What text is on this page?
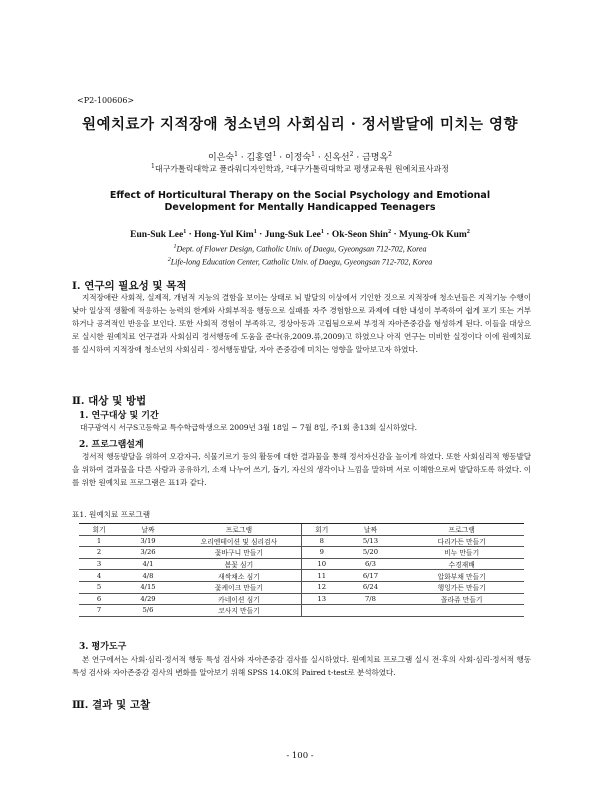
<P2-100606>
원예치료가 지적장애 청소년의 사회심리 · 정서발달에 미치는 영향
이은숙$^1$ · 김홍열$^1$ · 이정숙$^1$ · 신옥선$^2$ · 금명옥$^2$
$^1$대구가톨릭대학교 플라워디자인학과, ²대구가톨릭대학교 평생교육원 원예치료사과정
Effect of Horticultural Therapy on the Social Psychology and Emotional
Development for Mentally Handicapped Teenagers
Eun-Suk Lee$^1$ · Hong-Yul Kim$^1$ · Jung-Suk Lee$^1$ · Ok-Seon Shin$^2$ · Myung-Ok Kum$^2$
$^1$Dept. of Flower Design, Catholic Univ. of Daegu, Gyeongsan 712-702, Korea
$^2$Life-long Education Center, Catholic Univ. of Daegu, Gyeongsan 712-702, Korea
Ⅰ. 연구의 필요성 및 목적
지적장애란 사회적, 실제적, 개념적 지능의 결함을 보이는 상태로 뇌 발달의 이상에서 기인한 것으로 지적장애 청소년들은 지적기능 수행이 낮아 일상적 생활에 적응하는 능력의 한계와 사회부적응 행동으로 실패를 자주 경험함으로 과제에 대한 내성이 부족하여 쉽게 포기 또는 거부하거나 공격적인 반응을 보인다. 또한 사회적 경험이 부족하고, 정상아동과 고립됨으로써 부정적 자아존중감을 형성하게 된다. 이들을 대상으로 실시한 원예치료 연구결과 사회심리 정서행동에 도움을 준다(유,2009.류,2009)고 하였으나 아직 연구는 미비한 실정이다 이에 원예치료를 실시하여 지적장애 청소년의 사회심리 · 정서행동발달, 자아 존중감에 미치는 영향을 알아보고자 하였다.
Ⅱ. 대상 및 방법
1. 연구대상 및 기간
대구광역시 서구S고등학교 특수학급학생으로 2009년 3월 18일 ~ 7월 8일, 주1회 총13회 실시하였다.
2. 프로그램설계
정서적 행동발달을 위하여 오감자극, 식물기르기 등의 활동에 대한 결과물을 통해 정서자신감을 높이게 하였다. 또한 사회심리적 행동발달을 위하여 결과물을 다른 사람과 공유하기, 소재 나누어 쓰기, 돕기, 자신의 생각이나 느낌을 말하며 서로 이해함으로써 발달하도록 하였다. 이를 위한 원예치료 프로그램은 표1과 같다.
표1. 원예치료 프로그램
회기	날짜	프로그램	회기	날짜	프로그램
1	3/19	오리엔테이션 및 심리검사	8	5/13	다리가든 만들기
2	3/26	꽃바구니 만들기	9	5/20	비누 만들기
3	4/1	봄꽃 심기	10	6/3	수경재배
4	4/8	새싹채소 심기	11	6/17	압화부채 만들기
5	4/15	꽃케이크 만들기	12	6/24	행잉가든 만들기
6	4/29	카네이션 심기	13	7/8	꼴라쥬 만들기
7	5/6	코사지 만들기			
3. 평가도구
본 연구에서는 사회·심리·정서적 행동 특성 검사와 자아존중감 검사를 실시하였다. 원예치료 프로그램 실시 전·후의 사회·심리·정서적 행동특성 검사와 자아존중감 검사의 변화를 알아보기 위해 SPSS 14.0K의 Paired t-test로 분석하였다.
Ⅲ. 결과 및 고찰
- 100 -
